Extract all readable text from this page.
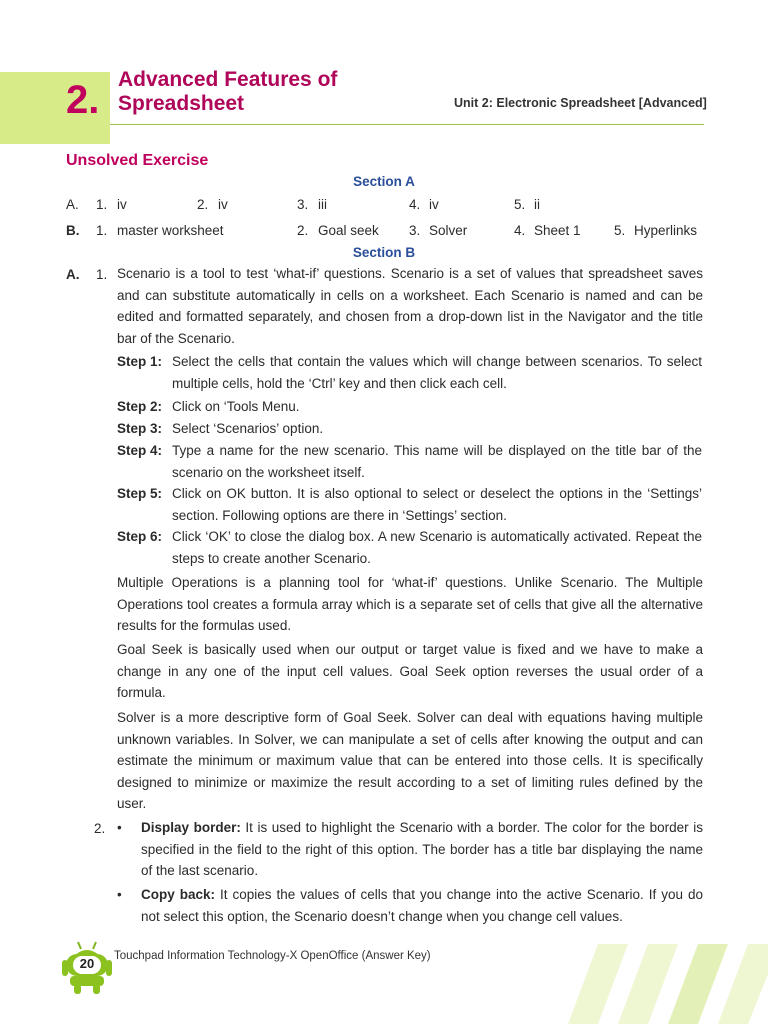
2. Advanced Features of
Spreadsheet	Unit 2: Electronic Spreadsheet [Advanced]
Unsolved Exercise
Section A
A. 1. iv	2. iv	3. iii	4. iv	5. ii
B. 1. master worksheet	2. Goal seek 3. Solver	4. Sheet 1 5. Hyperlinks
Section B
A. 1. Scenario is a tool to test ‘what-if’ questions. Scenario is a set of values that spreadsheet saves and can substitute automatically in cells on a worksheet. Each Scenario is named and can be edited and formatted separately, and chosen from a drop-down list in the Navigator and the title bar of the Scenario.
Step 1: Select the cells that contain the values which will change between scenarios. To select multiple cells, hold the ‘Ctrl’ key and then click each cell.
Step 2: Click on ‘Tools Menu.
Step 3: Select ‘Scenarios’ option.
Step 4: Type a name for the new scenario. This name will be displayed on the title bar of the scenario on the worksheet itself.
Step 5: Click on OK button. It is also optional to select or deselect the options in the ‘Settings’ section. Following options are there in ‘Settings’ section.
Step 6: Click ‘OK’ to close the dialog box. A new Scenario is automatically activated. Repeat the steps to create another Scenario.
Multiple Operations is a planning tool for ‘what-if’ questions. Unlike Scenario. The Multiple Operations tool creates a formula array which is a separate set of cells that give all the alternative results for the formulas used.
Goal Seek is basically used when our output or target value is fixed and we have to make a change in any one of the input cell values. Goal Seek option reverses the usual order of a formula.
Solver is a more descriptive form of Goal Seek. Solver can deal with equations having multiple unknown variables. In Solver, we can manipulate a set of cells after knowing the output and can estimate the minimum or maximum value that can be entered into those cells. It is specifically designed to minimize or maximize the result according to a set of limiting rules defined by the user.
2. • Display border: It is used to highlight the Scenario with a border. The color for the border is specified in the field to the right of this option. The border has a title bar displaying the name of the last scenario.
• Copy back: It copies the values of cells that you change into the active Scenario. If you do not select this option, the Scenario doesn’t change when you change cell values.
20	Touchpad Information Technology-X OpenOffice (Answer Key)
